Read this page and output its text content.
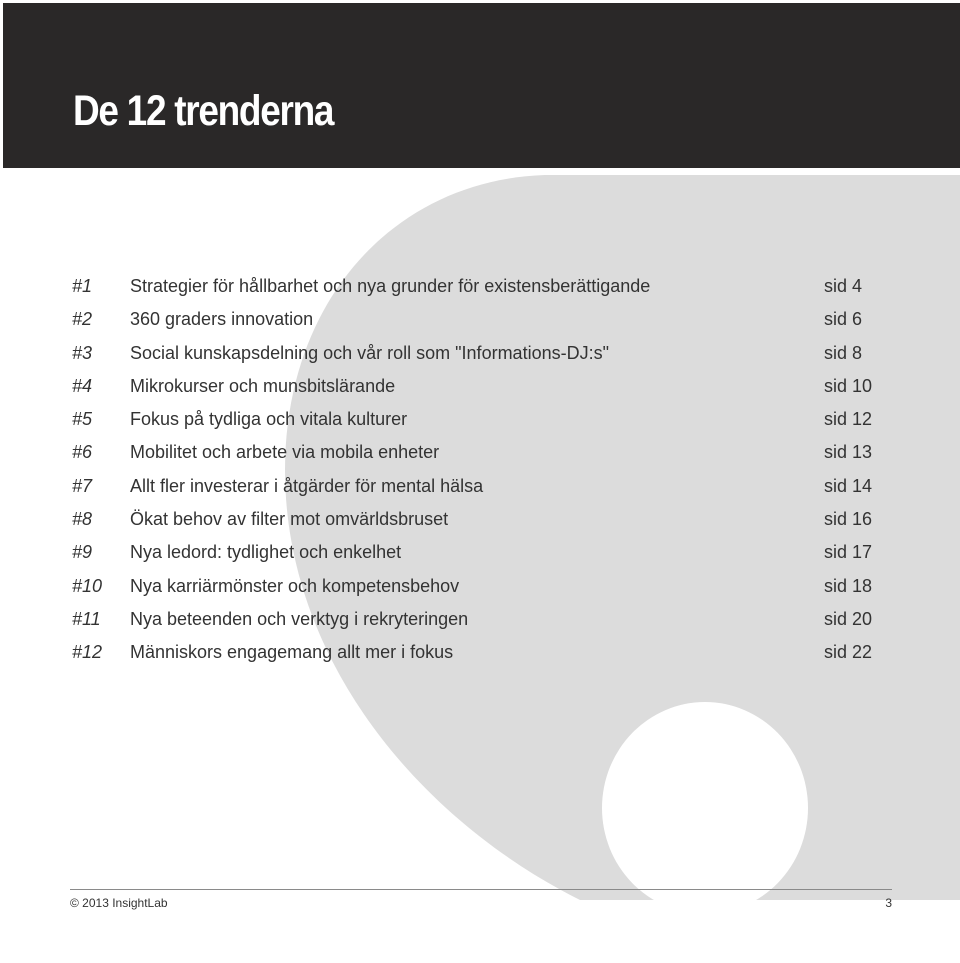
De 12 trenderna
#1 Strategier för hållbarhet och nya grunder för existensberättigande	sid 4
#2 360 graders innovation	sid 6
#3 Social kunskapsdelning och vår roll som "Informations-DJ:s"	sid 8
#4 Mikrokurser och munsbitslärande	sid 10
#5 Fokus på tydliga och vitala kulturer	sid 12
#6 Mobilitet och arbete via mobila enheter	sid 13
#7 Allt fler investerar i åtgärder för mental hälsa	sid 14
#8 Ökat behov av filter mot omvärldsbruset	sid 16
#9 Nya ledord: tydlighet och enkelhet	sid 17
#10 Nya karriärmönster och kompetensbehov	sid 18
#11 Nya beteenden och verktyg i rekryteringen	sid 20
#12 Människors engagemang allt mer i fokus	sid 22
© 2013 InsightLab	3
